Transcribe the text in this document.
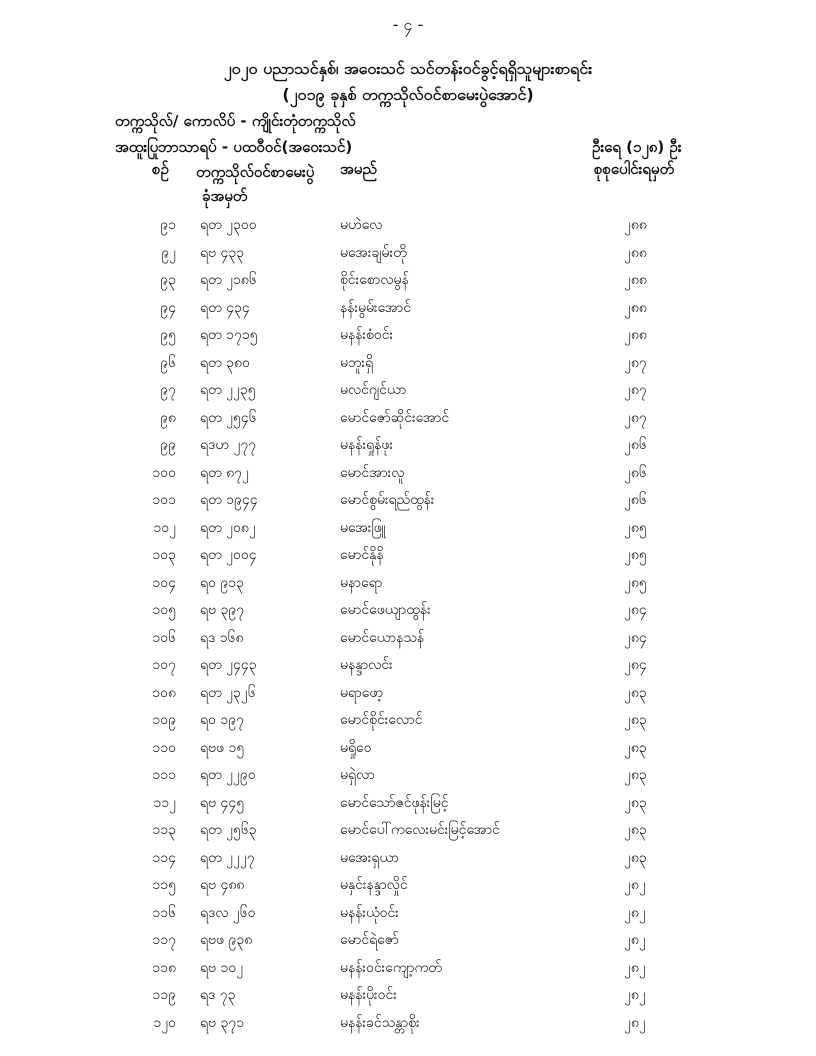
- ၄ -
၂၀၂၀ ပညာသင်နှစ်၊ အဝေးသင် သင်တန်းဝင်ခွင့်ရရှိသူများစာရင်း
(၂၀၁၉ ခုနှစ် တက္ကသိုလ်ဝင်စာမေးပွဲအောင်)
တက္ကသိုလ်/ ကောလိပ် - ကျိုင်းတုံတက္ကသိုလ်
အထူးပြုဘာသာရပ် - ပထဝီဝင်(အဝေးသင်)	ဦးရေ (၁၂၈) ဦး
စဉ် တက္ကသိုလ်ဝင်စာမေးပွဲ
ခုံအမှတ်
အမည်	စုစုပေါင်းရမှတ်
၉၁ ရတ ၂၃၀၀	မဟဲလေ	၂၈၈
၉၂ ရဗ ၄၃၃	မအေးချမ်းတို	၂၈၈
၉၃ ရတ ၂၁၈၆	စိုင်းစောလမွန်	၂၈၈
၉၄ ရတ ၄၃၄	နန်းမွမ်းအောင်	၂၈၈
၉၅ ရတ ၁၇၁၅	မနန်းစံဝင်း	၂၈၈
၉၆ ရတ ၃၈၀	မဘူးရှိ	၂၈၇
၉၇ ရတ ၂၂၃၅	မလင်ဂျင်ယာ	၂၈၇
၉၈ ရတ ၂၅၄၆	မောင်ဇော်ဆိုင်းအောင်	၂၈၇
၉၉ ရဒဟ ၂၇၇	မနန်းရှုန်ဖုး	၂၈၆
၁၀၀ ရတ ၈၇၂	မောင်အားလူ	၂၈၆
၁၀၁ ရတ ၁၉၄၄	မောင်စွမ်းရည်ထွန်း	၂၈၆
၁၀၂ ရတ ၂၀၈၂	မအေးဖြူ	၂၈၅
၁၀၃ ရတ ၂၀၀၄	မောင်နိုနိ	၂၈၅
၁၀၄ ရဝ ၉၁၃	မနာရော	၂၈၅
၁၀၅ ရဗ ၃၉၇	မောင်ဖေယျာထွန်း	၂၈၄
၁၀၆ ရဒ ၁၆၈	မောင်ယောနသန်	၂၈၄
၁၀၇ ရတ ၂၄၄၃	မနန္ဒာလင်း	၂၈၄
၁၀၈ ရတ ၂၃၂၆	မရာဖော့	၂၈၃
၁၀၉ ရဝ ၁၉၇	မောင်စိုင်းလောင်	၂၈၃
၁၁၀ ရဗဖ ၁၅	မရှိုဝေ	၂၈၃
၁၁၁ ရတ ၂၂၉၀	မရှဲလာ	၂၈၃
၁၁၂ ရဗ ၄၄၅	မောင်သော်ဇင်ဖုန်းမြင့်	၂၈၃
၁၁၃ ရတ ၂၅၆၃	မောင်ပေါ်ကလေးမင်းမြင့်အောင်	၂၈၃
၁၁၄ ရတ ၂၂၂၇	မအေးရှယာ	၂၈၃
၁၁၅ ရဗ ၄၈၈	မနှင်းနန္ဒာလှိုင်	၂၈၂
၁၁၆ ရဒလ ၂၆၀	မနန်းယုံဝင်း	၂၈၂
၁၁၇ ရဗဖ ၉၃၈	မောင်ရဲဇော်	၂၈၂
၁၁၈ ရဗ ၁၀၂	မနန်းဝင်းကျော့ကတ်	၂၈၂
၁၁၉ ရဒ ၇၃	မနန်းပိုးဝင်း	၂၈၂
၁၂၀ ရဗ ၃၇၁	မနန်းခင်သန္တာစိုး	၂၈၂
